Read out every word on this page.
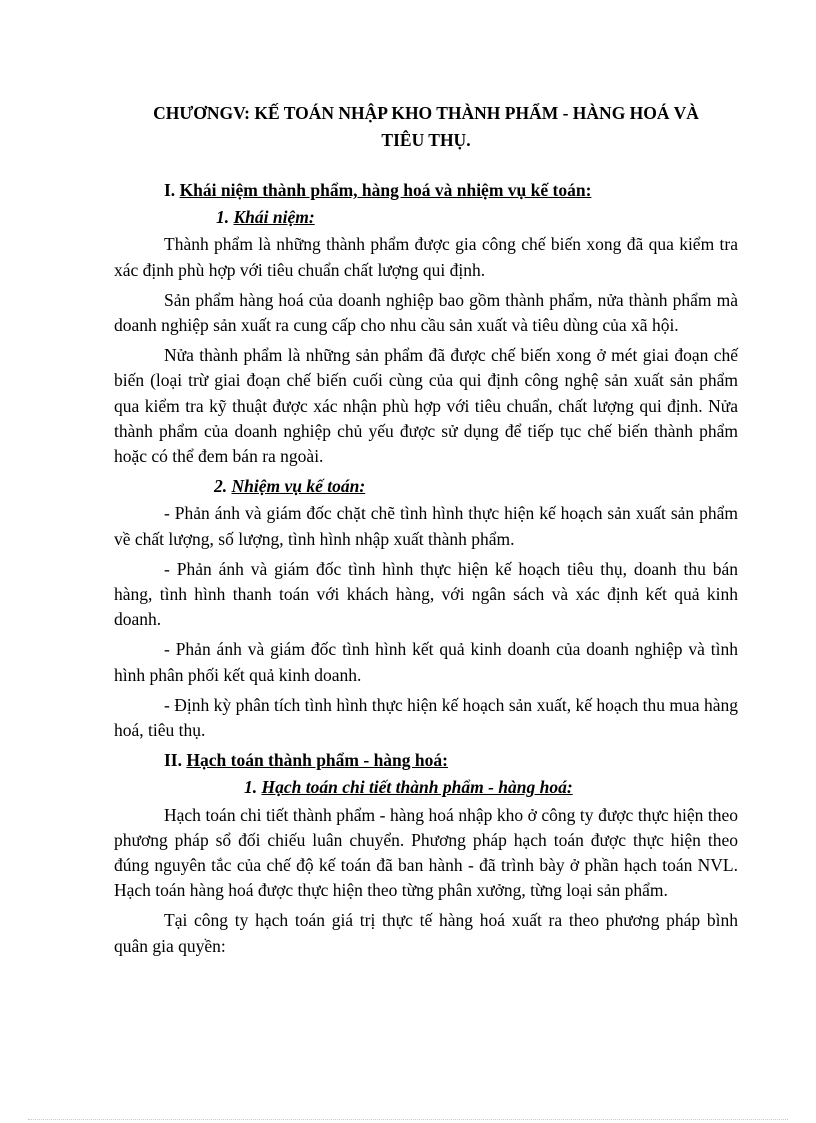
CHƯƠNGV: KẾ TOÁN NHẬP KHO THÀNH PHẨM - HÀNG HOÁ VÀ
TIÊU THỤ.
I. Khái niệm thành phẩm, hàng hoá và nhiệm vụ kế toán:
1. Khái niệm:

Thành phẩm là những thành phẩm được gia công chế biến xong đã qua kiểm tra xác định phù hợp với tiêu chuẩn chất lượng qui định.

Sản phẩm hàng hoá của doanh nghiệp bao gồm thành phẩm, nửa thành phẩm mà doanh nghiệp sản xuất ra cung cấp cho nhu cầu sản xuất và tiêu dùng của xã hội.

Nửa thành phẩm là những sản phẩm đã được chế biến xong ở mét giai đoạn chế biến (loại trừ giai đoạn chế biến cuối cùng của qui định công nghệ sản xuất sản phẩm qua kiểm tra kỹ thuật được xác nhận phù hợp với tiêu chuẩn, chất lượng qui định. Nửa thành phẩm của doanh nghiệp chủ yếu được sử dụng để tiếp tục chế biến thành phẩm hoặc có thể đem bán ra ngoài.

2. Nhiệm vụ kế toán:

- Phản ánh và giám đốc chặt chẽ tình hình thực hiện kế hoạch sản xuất sản phẩm về chất lượng, số lượng, tình hình nhập xuất thành phẩm.

- Phản ánh và giám đốc tình hình thực hiện kế hoạch tiêu thụ, doanh thu bán hàng, tình hình thanh toán với khách hàng, với ngân sách và xác định kết quả kinh doanh.

- Phản ánh và giám đốc tình hình kết quả kinh doanh của doanh nghiệp và tình hình phân phối kết quả kinh doanh.

- Định kỳ phân tích tình hình thực hiện kế hoạch sản xuất, kế hoạch thu mua hàng hoá, tiêu thụ.

II. Hạch toán thành phẩm - hàng hoá:
1. Hạch toán chi tiết thành phẩm - hàng hoá:

Hạch toán chi tiết thành phẩm - hàng hoá nhập kho ở công ty được thực hiện theo phương pháp sổ đối chiếu luân chuyển. Phương pháp hạch toán được thực hiện theo đúng nguyên tắc của chế độ kế toán đã ban hành - đã trình bày ở phần hạch toán NVL. Hạch toán hàng hoá được thực hiện theo từng phân xưởng, từng loại sản phẩm.

Tại công ty hạch toán giá trị thực tế hàng hoá xuất ra theo phương pháp bình quân gia quyền:
